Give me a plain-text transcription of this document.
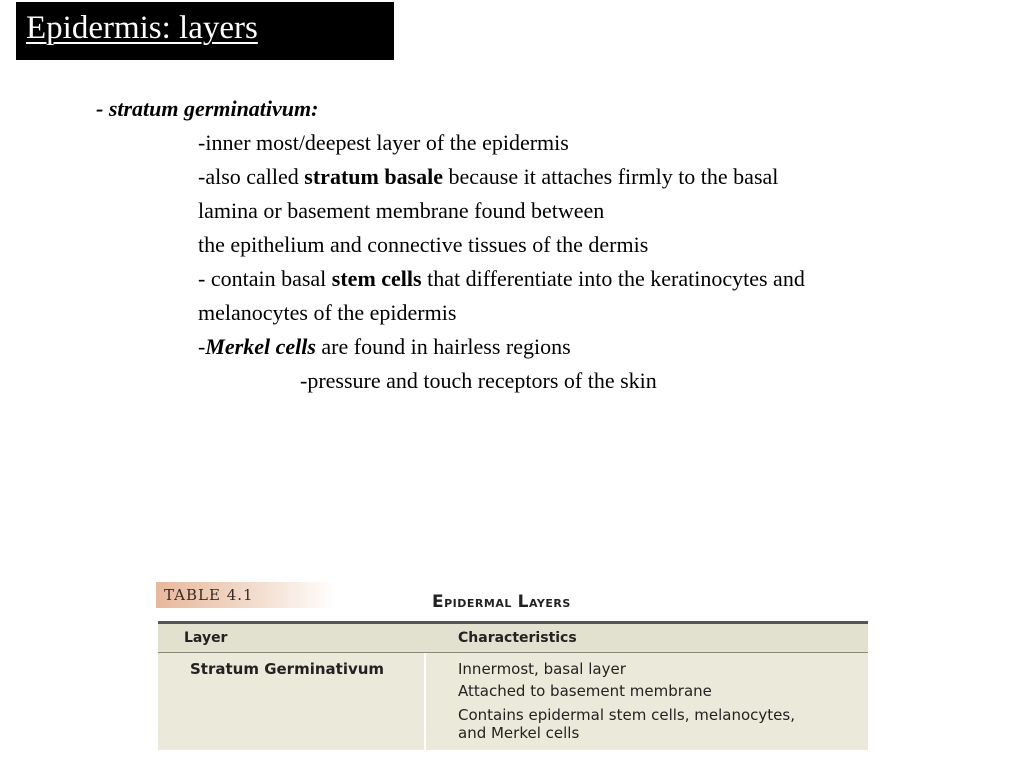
Epidermis: layers
- stratum germinativum:
-inner most/deepest layer of the epidermis
-also called stratum basale because it attaches firmly to the basal
lamina or basement membrane found between
the epithelium and connective tissues of the dermis
- contain basal stem cells that differentiate into the keratinocytes and
melanocytes of the epidermis
-Merkel cells are found in hairless regions
-pressure and touch receptors of the skin
TABLE 4.1	Epidermal Layers
Layer	Characteristics
Stratum Germinativum	Innermost, basal layer
Attached to basement membrane
Contains epidermal stem cells, melanocytes,
and Merkel cells
